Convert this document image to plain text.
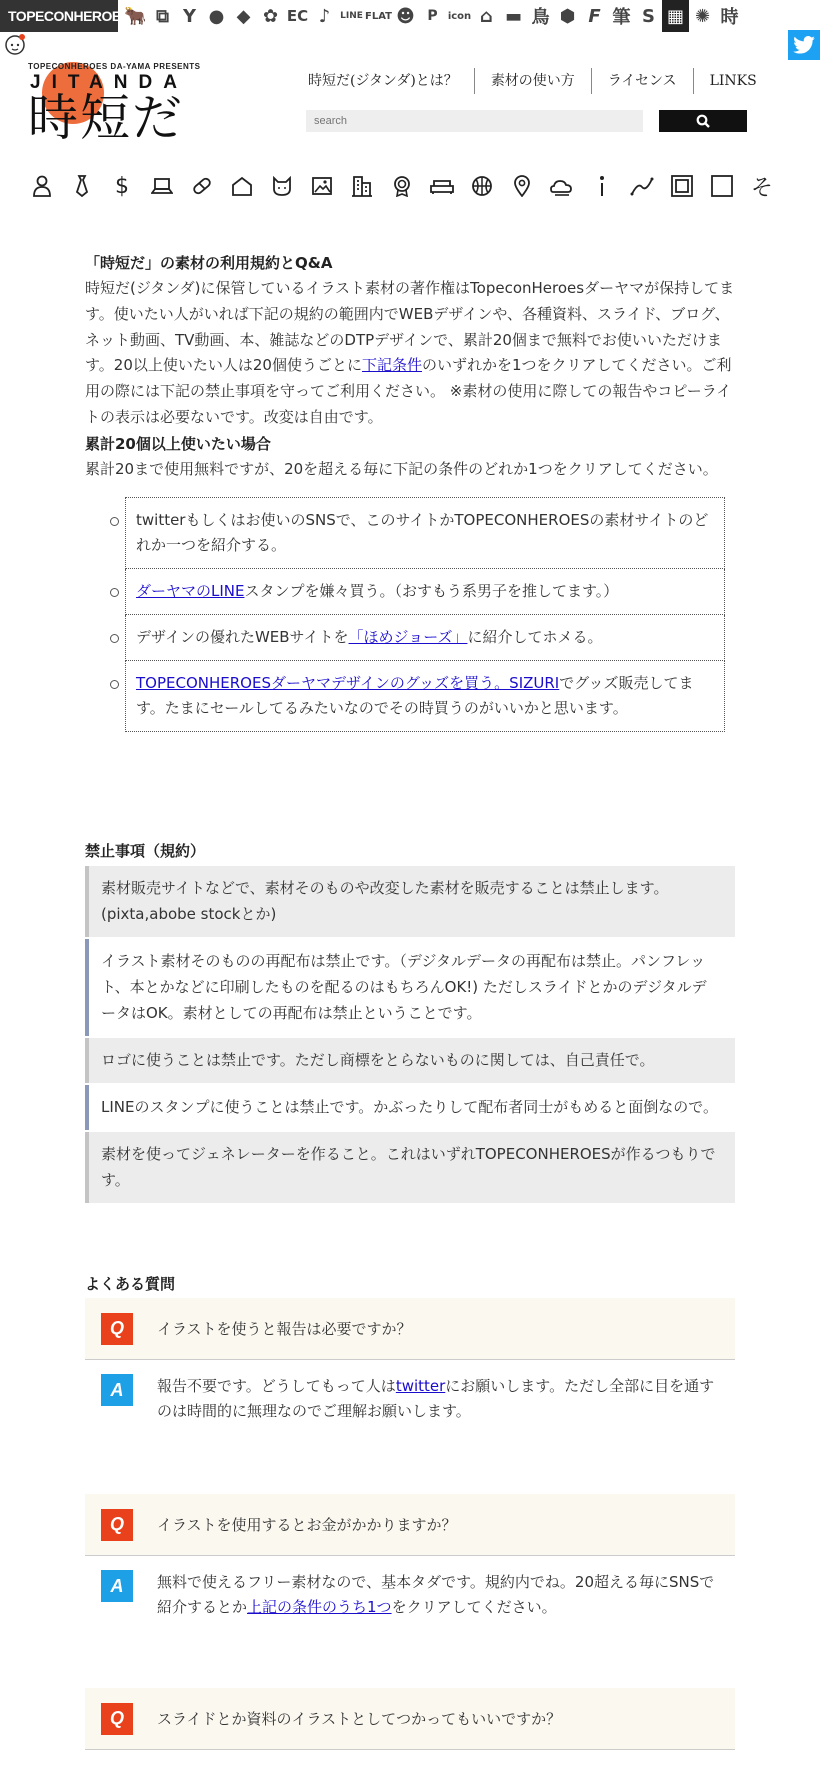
TOPECONHEROES
🐂 ⧉ Y ● ◆ ✿ EC ♪	LINE FLAT ☻ P	icon ⌂ ▬ 鳥 ⬢ F 筆 S ▦ ✺ 時
TOPECONHEROES DA-YAMA PRESENTS
JITANDA
時短だ
時短だ(ジタンダ)とは？	素材の使い方	ライセンス	LINKS
search
$	そ
「時短だ」の素材の利用規約とQ&A

時短だ(ジタンダ)に保管しているイラスト素材の著作権はTopeconHeroesダーヤマが保持してます。使いたい人がいれば下記の規約の範囲内でWEBデザインや、各種資料、スライド、ブログ、ネット動画、TV動画、本、雑誌などのDTPデザインで、累計20個まで無料でお使いいただけます。20以上使いたい人は20個使うごとに下記条件のいずれかを1つをクリアしてください。ご利用の際には下記の禁止事項を守ってご利用ください。 ※素材の使用に際しての報告やコピーライトの表示は必要ないです。改変は自由です。

累計20個以上使いたい場合

累計20まで使用無料ですが、20を超える毎に下記の条件のどれか1つをクリアしてください。

twitterもしくはお使いのSNSで、このサイトかTOPECONHEROESの素材サイトのどれか一つを紹介する。
ダーヤマのLINEスタンプを嫌々買う。（おすもう系男子を推してます。）
デザインの優れたWEBサイトを「ほめジョーズ」に紹介してホメる。
TOPECONHEROESダーヤマデザインのグッズを買う。SIZURIでグッズ販売してます。たまにセールしてるみたいなのでその時買うのがいいかと思います。
禁止事項（規約）
素材販売サイトなどで、素材そのものや改変した素材を販売することは禁止します。(pixta,abobe stockとか)
イラスト素材そのものの再配布は禁止です。（デジタルデータの再配布は禁止。パンフレット、本とかなどに印刷したものを配るのはもちろんOK!) ただしスライドとかのデジタルデータはOK。素材としての再配布は禁止ということです。
ロゴに使うことは禁止です。ただし商標をとらないものに関しては、自己責任で。
LINEのスタンプに使うことは禁止です。かぶったりして配布者同士がもめると面倒なので。
素材を使ってジェネレーターを作ること。これはいずれTOPECONHEROESが作るつもりです。
よくある質問
Q	イラストを使うと報告は必要ですか？
A	報告不要です。どうしてもって人はtwitterにお願いします。ただし全部に目を通すのは時間的に無理なのでご理解お願いします。
Q	イラストを使用するとお金がかかりますか？
A	無料で使えるフリー素材なので、基本タダです。規約内でね。20超える毎にSNSで紹介するとか上記の条件のうち1つをクリアしてください。
Q	スライドとか資料のイラストとしてつかってもいいですか？
